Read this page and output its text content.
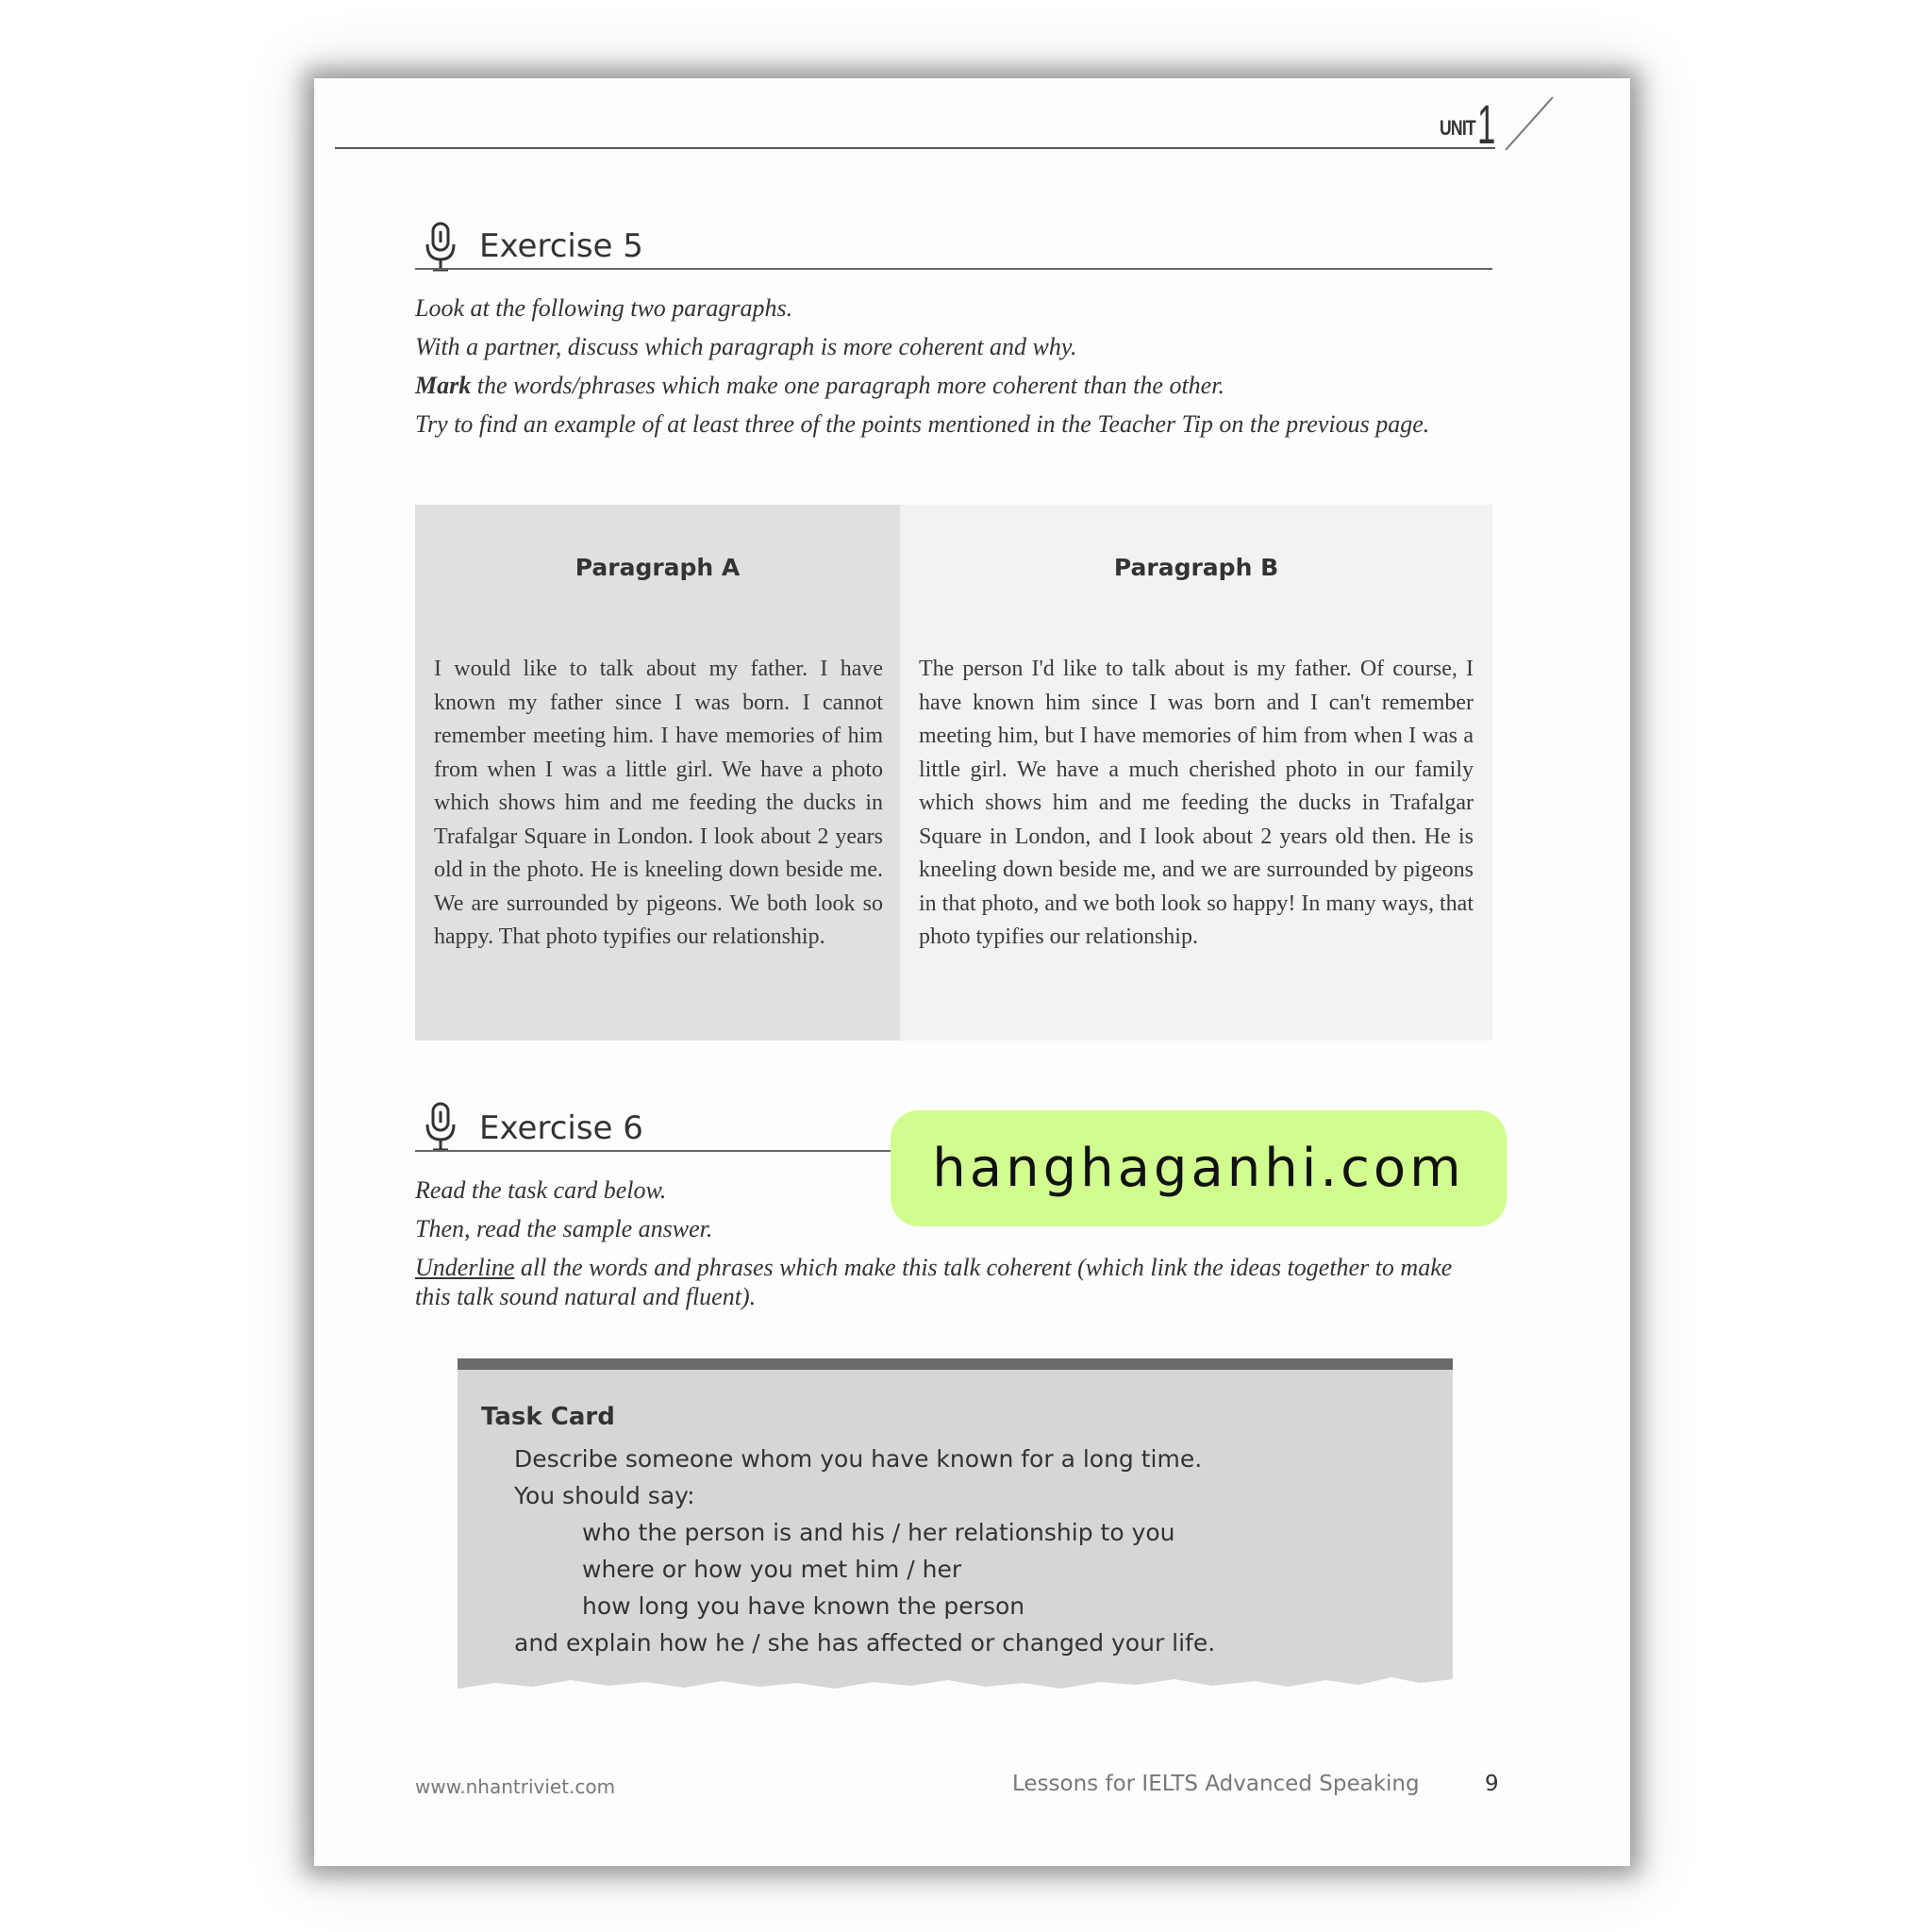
UNIT 1
Exercise 5
Look at the following two paragraphs.
With a partner, discuss which paragraph is more coherent and why.
Mark the words/phrases which make one paragraph more coherent than the other.
Try to find an example of at least three of the points mentioned in the Teacher Tip on the previous page.
Paragraph A
I would like to talk about my father. I have known my father since I was born. I cannot remember meeting him. I have memories of him from when I was a little girl. We have a photo which shows him and me feeding the ducks in Trafalgar Square in London. I look about 2 years old in the photo. He is kneeling down beside me. We are surrounded by pigeons. We both look so happy. That photo typifies our relationship.
Paragraph B
The person I'd like to talk about is my father. Of course, I have known him since I was born and I can't remember meeting him, but I have memories of him from when I was a little girl. We have a much cherished photo in our family which shows him and me feeding the ducks in Trafalgar Square in London, and I look about 2 years old then. He is kneeling down beside me, and we are surrounded by pigeons in that photo, and we both look so happy! In many ways, that photo typifies our relationship.
Exercise 6
Read the task card below.
Then, read the sample answer.
Underline all the words and phrases which make this talk coherent (which link the ideas together to make this talk sound natural and fluent).
hanghaganhi.com
Task Card
Describe someone whom you have known for a long time.
You should say:
who the person is and his / her relationship to you
where or how you met him / her
how long you have known the person
and explain how he / she has affected or changed your life.
www.nhantriviet.com	Lessons for IELTS Advanced Speaking	9
